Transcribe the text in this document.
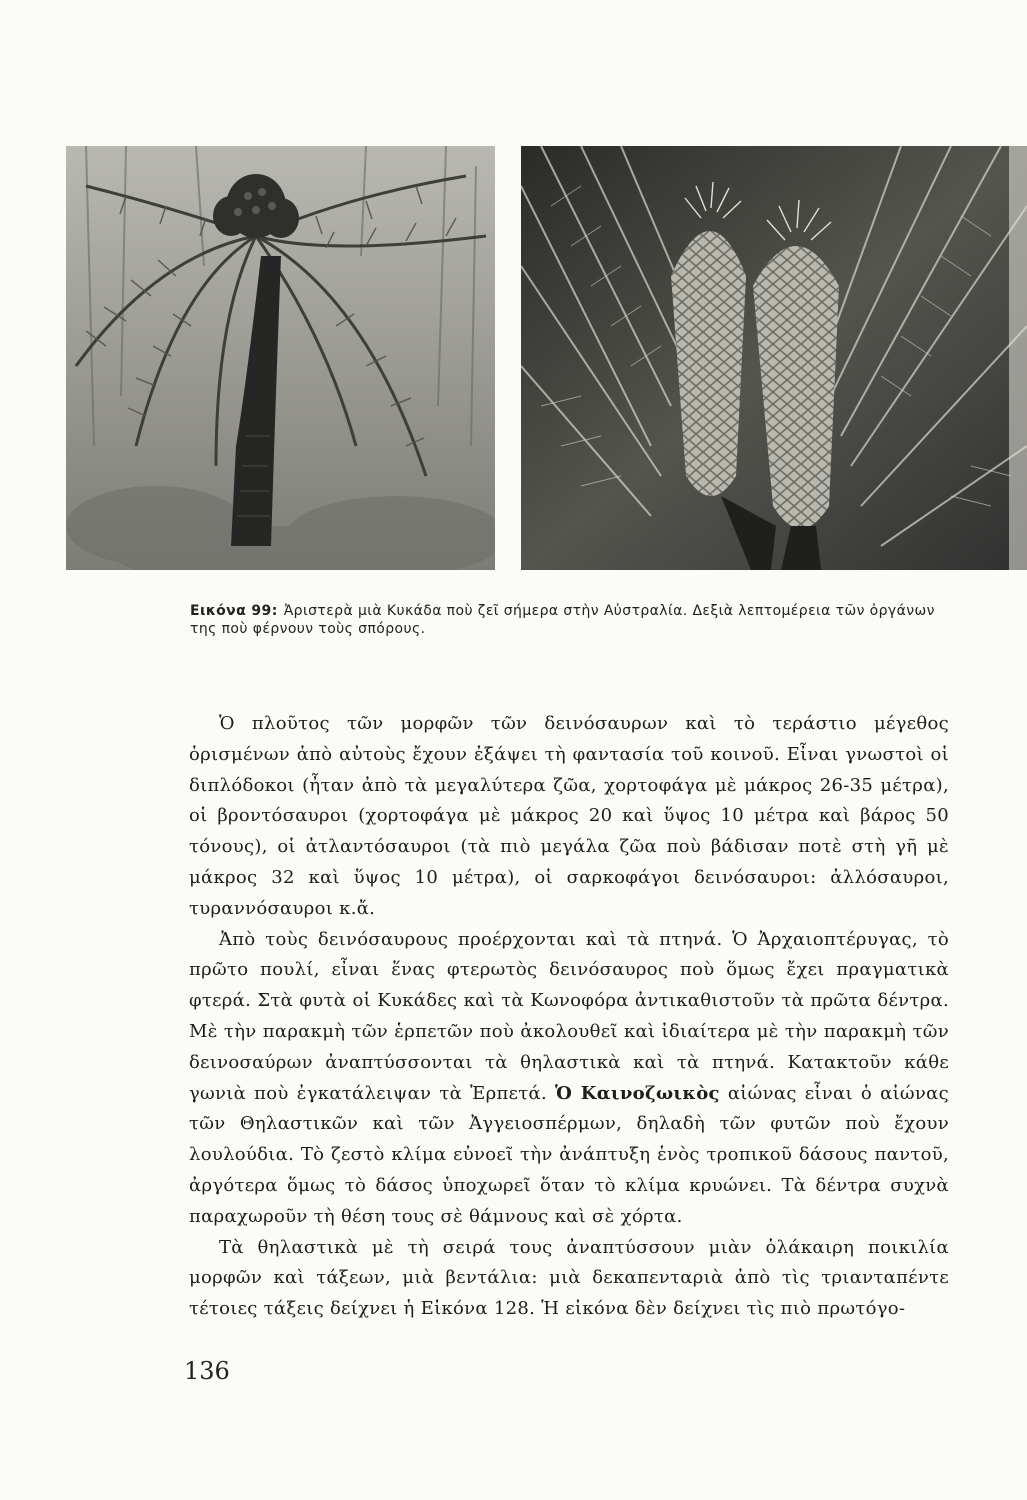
Εικόνα 99: Ἀριστερὰ μιὰ Κυκάδα ποὺ ζεῖ σήμερα στὴν Αὐστραλία. Δεξιὰ λεπτομέρεια τῶν ὀργάνων της ποὺ φέρνουν τοὺς σπόρους.

Ὁ πλοῦτος τῶν μορφῶν τῶν δεινόσαυρων καὶ τὸ τεράστιο μέγεθος ὁρισμένων ἀπὸ αὐτοὺς ἔχουν ἐξάψει τὴ φαντασία τοῦ κοινοῦ. Εἶναι γνωστοὶ οἱ διπλόδοκοι (ἦταν ἀπὸ τὰ μεγαλύτερα ζῶα, χορτοφάγα μὲ μάκρος 26-35 μέτρα), οἱ βροντόσαυροι (χορτοφάγα μὲ μάκρος 20 καὶ ὕψος 10 μέτρα καὶ βάρος 50 τόνους), οἱ ἀτλαντόσαυροι (τὰ πιὸ μεγάλα ζῶα ποὺ βάδισαν ποτὲ στὴ γῆ μὲ μάκρος 32 καὶ ὕψος 10 μέτρα), οἱ σαρκοφάγοι δεινόσαυροι: ἀλλόσαυροι, τυραννόσαυροι κ.ἄ.

Ἀπὸ τοὺς δεινόσαυρους προέρχονται καὶ τὰ πτηνά. Ὁ Ἀρχαιοπτέρυγας, τὸ πρῶτο πουλί, εἶναι ἕνας φτερωτὸς δεινόσαυρος ποὺ ὅμως ἔχει πραγματικὰ φτερά. Στὰ φυτὰ οἱ Κυκάδες καὶ τὰ Κωνοφόρα ἀντικαθιστοῦν τὰ πρῶτα δέντρα. Μὲ τὴν παρακμὴ τῶν ἑρπετῶν ποὺ ἀκολουθεῖ καὶ ἰδιαίτερα μὲ τὴν παρακμὴ τῶν δεινοσαύρων ἀναπτύσσονται τὰ θηλαστικὰ καὶ τὰ πτηνά. Κατακτοῦν κάθε γωνιὰ ποὺ ἐγκατάλειψαν τὰ Ἑρπετά. Ὁ Καινοζωικὸς αἰώνας εἶναι ὁ αἰώνας τῶν Θηλαστικῶν καὶ τῶν Ἀγγειοσπέρμων, δηλαδὴ τῶν φυτῶν ποὺ ἔχουν λουλούδια. Τὸ ζεστὸ κλίμα εὐνοεῖ τὴν ἀνάπτυξη ἑνὸς τροπικοῦ δάσους παντοῦ, ἀργότερα ὅμως τὸ δάσος ὑποχωρεῖ ὅταν τὸ κλίμα κρυώνει. Τὰ δέντρα συχνὰ παραχωροῦν τὴ θέση τους σὲ θάμνους καὶ σὲ χόρτα.

Τὰ θηλαστικὰ μὲ τὴ σειρά τους ἀναπτύσσουν μιὰν ὁλάκαιρη ποικιλία μορφῶν καὶ τάξεων, μιὰ βεντάλια: μιὰ δεκαπενταριὰ ἀπὸ τὶς τριανταπέντε τέτοιες τάξεις δείχνει ἡ Εἰκόνα 128. Ἡ εἰκόνα δὲν δείχνει τὶς πιὸ πρωτόγο-

136
